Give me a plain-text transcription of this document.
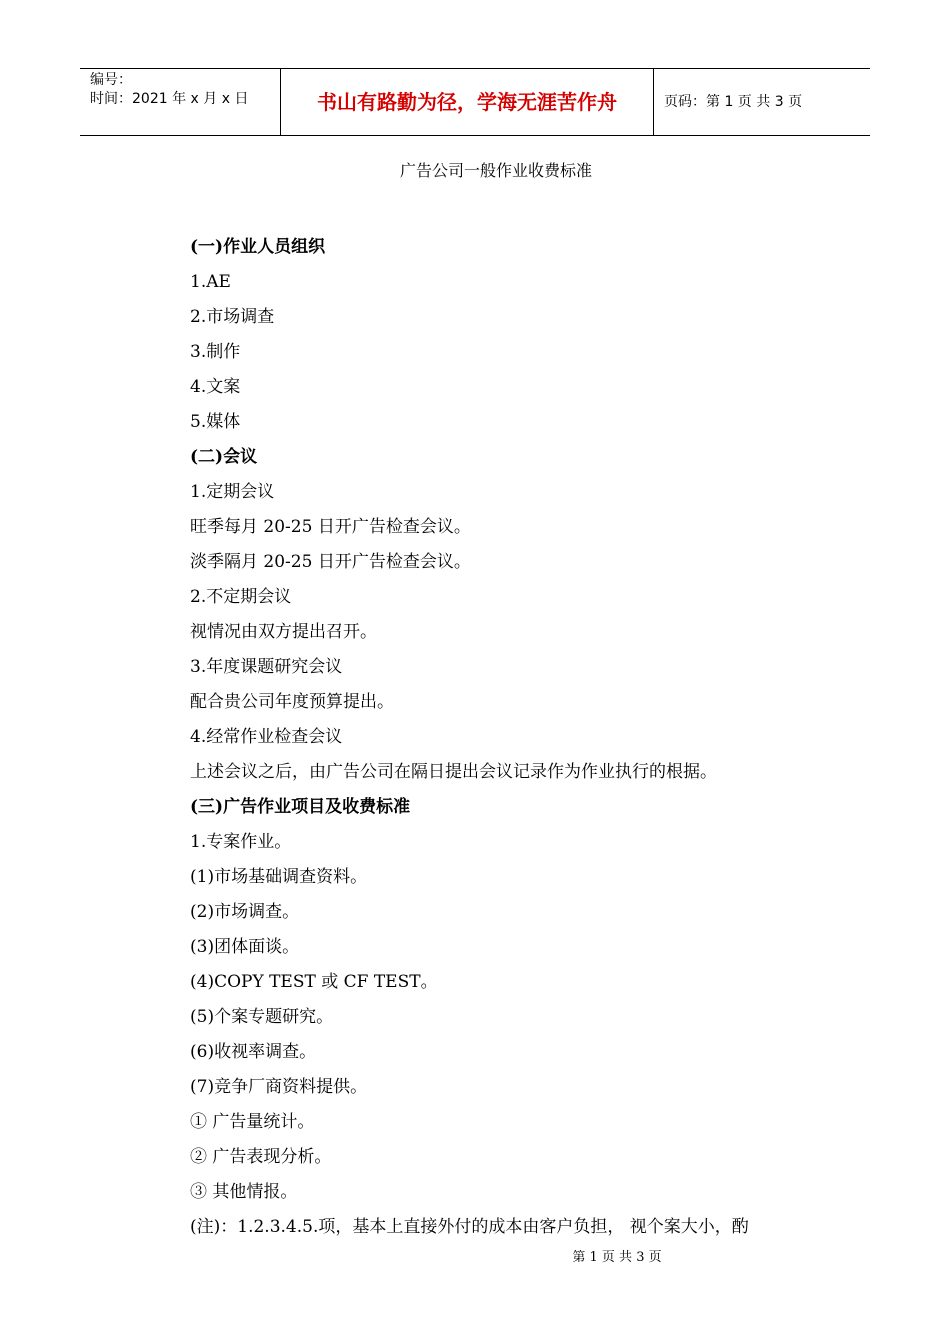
编号：
时间：2021 年 x 月 x 日	书山有路勤为径，学海无涯苦作舟	页码：第 1 页 共 3 页
广告公司一般作业收费标准
(一)作业人员组织
1.AE
2.市场调查
3.制作
4.文案
5.媒体
(二)会议
1.定期会议
旺季每月 20-25 日开广告检查会议。
淡季隔月 20-25 日开广告检查会议。
2.不定期会议
视情况由双方提出召开。
3.年度课题研究会议
配合贵公司年度预算提出。
4.经常作业检查会议
上述会议之后，由广告公司在隔日提出会议记录作为作业执行的根据。
(三)广告作业项目及收费标准
1.专案作业。
(1)市场基础调查资料。
(2)市场调查。
(3)团体面谈。
(4)COPY TEST 或 CF TEST。
(5)个案专题研究。
(6)收视率调查。
(7)竞争厂商资料提供。
① 广告量统计。
② 广告表现分析。
③ 其他情报。
(注)：1.2.3.4.5.项，基本上直接外付的成本由客户负担， 视个案大小，酌
第 1 页 共 3 页
